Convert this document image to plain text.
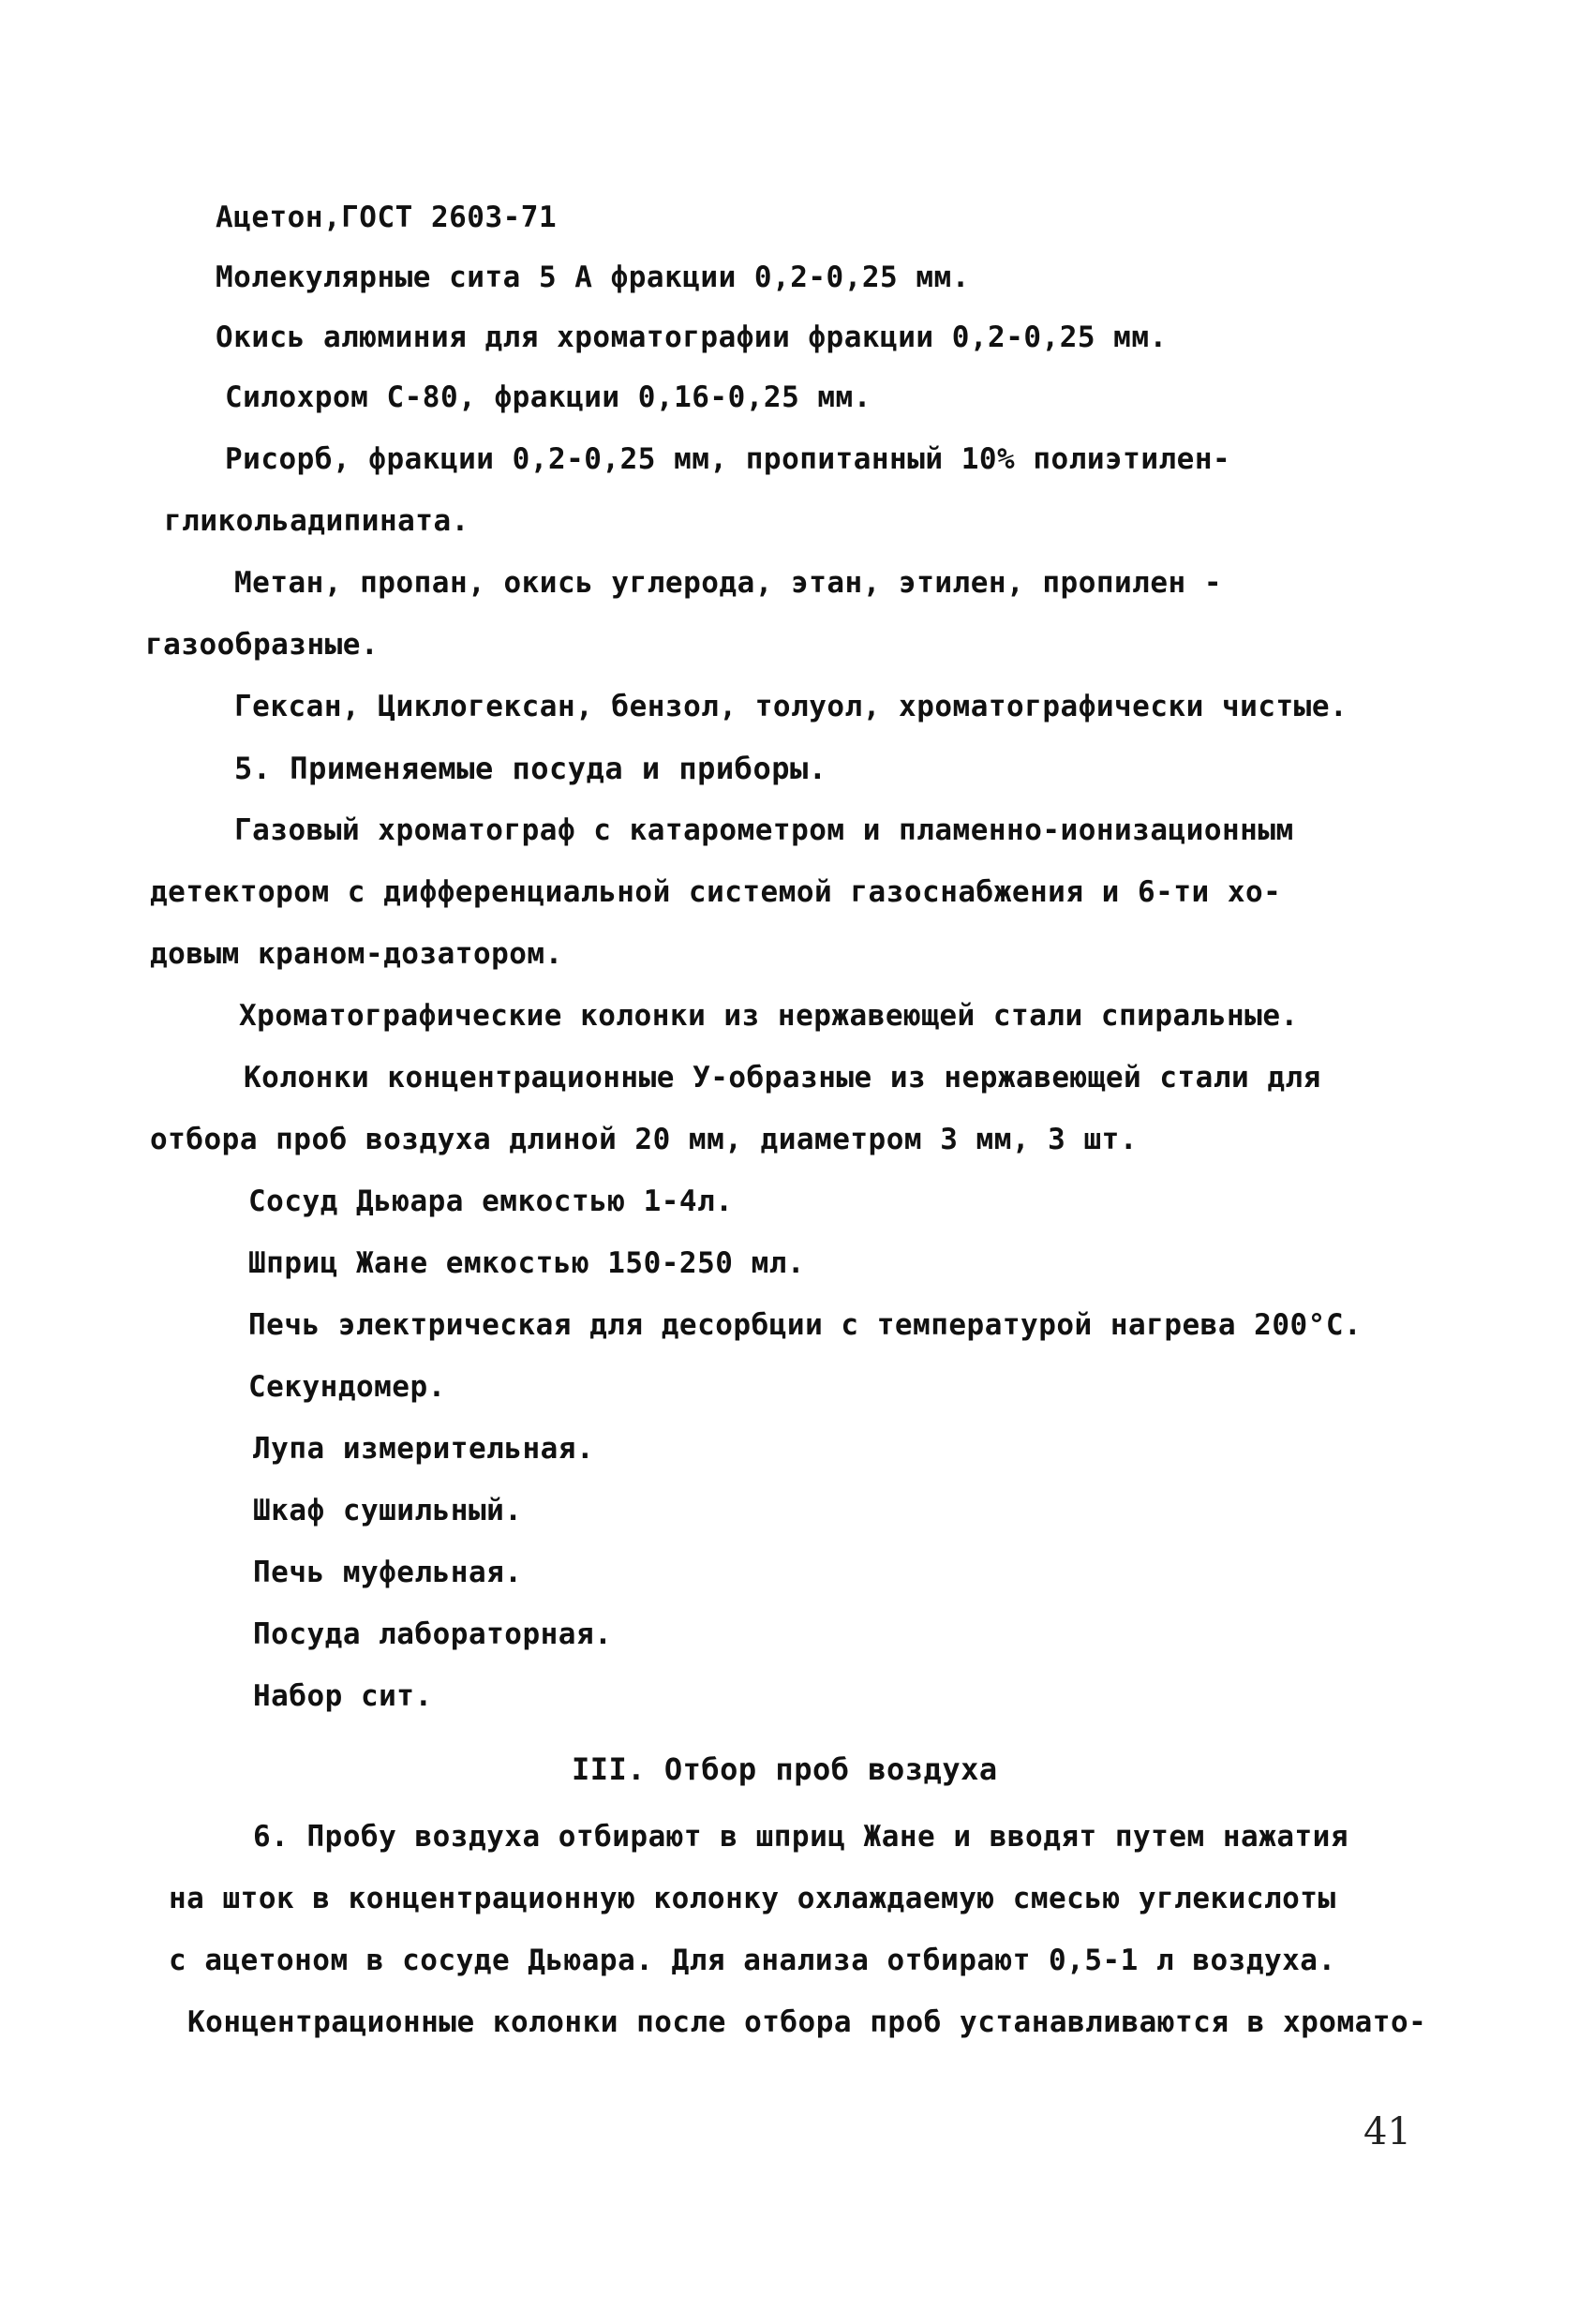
Ацетон,ГОСТ 2603-71
Молекулярные сита 5 А фракции 0,2-0,25 мм.
Окись алюминия для хроматографии фракции 0,2-0,25 мм.
Силохром С-80, фракции 0,16-0,25 мм.
Рисорб, фракции 0,2-0,25 мм, пропитанный 10% полиэтилен-
гликольадипината.
Метан, пропан, окись углерода, этан, этилен, пропилен -
газообразные.
Гексан, Циклогексан, бензол, толуол, хроматографически чистые.
5. Применяемые посуда и приборы.
Газовый хроматограф с катарометром и пламенно-ионизационным
детектором с дифференциальной системой газоснабжения и 6-ти хо-
довым краном-дозатором.
Хроматографические колонки из нержавеющей стали спиральные.
Колонки концентрационные У-образные из нержавеющей стали для
отбора проб воздуха длиной 20 мм, диаметром 3 мм, 3 шт.
Сосуд Дьюара емкостью 1-4л.
Шприц Жане емкостью 150-250 мл.
Печь электрическая для десорбции с температурой нагрева 200°С.
Секундомер.
Лупа измерительная.
Шкаф сушильный.
Печь муфельная.
Посуда лабораторная.
Набор сит.
III. Отбор проб воздуха
6. Пробу воздуха отбирают в шприц Жане и вводят путем нажатия
на шток в концентрационную колонку охлаждаемую смесью углекислоты
с ацетоном в сосуде Дьюара. Для анализа отбирают 0,5-1 л воздуха.
Концентрационные колонки после отбора проб устанавливаются в хромато-
41
